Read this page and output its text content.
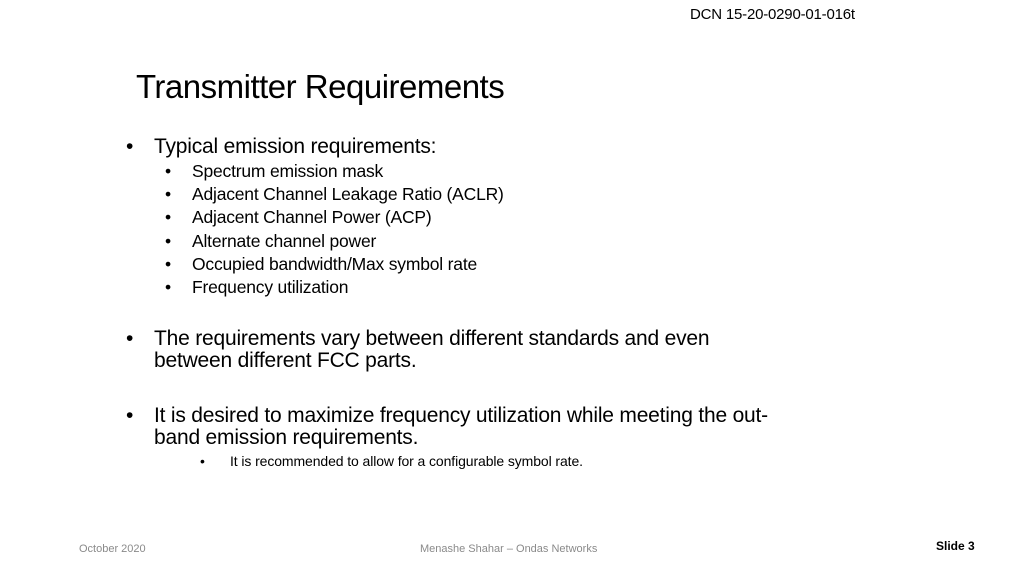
DCN 15-20-0290-01-016t
Transmitter Requirements
• Typical emission requirements:
• Spectrum emission mask
• Adjacent Channel Leakage Ratio (ACLR)
• Adjacent Channel Power (ACP)
• Alternate channel power
• Occupied bandwidth/Max symbol rate
• Frequency utilization
• The requirements vary between different standards and even
between different FCC parts.
• It is desired to maximize frequency utilization while meeting the out-
band emission requirements.
• It is recommended to allow for a configurable symbol rate.
October 2020	Menashe Shahar – Ondas Networks	Slide 3
